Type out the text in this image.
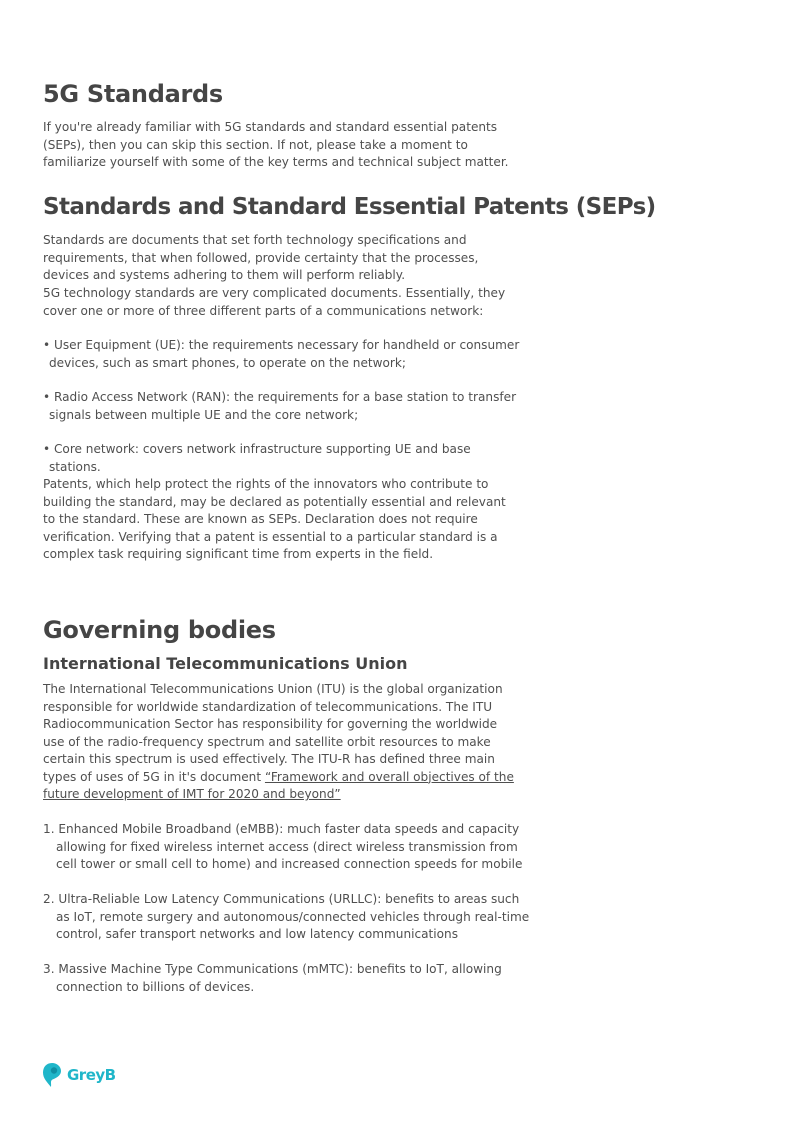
5G Standards

If you're already familiar with 5G standards and standard essential patents (SEPs), then you can skip this section. If not, please take a moment to familiarize yourself with some of the key terms and technical subject matter.

Standards and Standard Essential Patents (SEPs)

Standards are documents that set forth technology specifications and requirements, that when followed, provide certainty that the processes, devices and systems adhering to them will perform reliably.

5G technology standards are very complicated documents. Essentially, they cover one or more of three different parts of a communications network:

• User Equipment (UE): the requirements necessary for handheld or consumer devices, such as smart phones, to operate on the network;

• Radio Access Network (RAN): the requirements for a base station to transfer signals between multiple UE and the core network;

• Core network: covers network infrastructure supporting UE and base stations.

Patents, which help protect the rights of the innovators who contribute to building the standard, may be declared as potentially essential and relevant to the standard. These are known as SEPs. Declaration does not require verification. Verifying that a patent is essential to a particular standard is a complex task requiring significant time from experts in the field.

Governing bodies
International Telecommunications Union

The International Telecommunications Union (ITU) is the global organization responsible for worldwide standardization of telecommunications. The ITU Radiocommunication Sector has responsibility for governing the worldwide use of the radio-frequency spectrum and satellite orbit resources to make certain this spectrum is used effectively. The ITU-R has defined three main types of uses of 5G in it's document “Framework and overall objectives of the future development of IMT for 2020 and beyond”

1. Enhanced Mobile Broadband (eMBB): much faster data speeds and capacity allowing for fixed wireless internet access (direct wireless transmission from cell tower or small cell to home) and increased connection speeds for mobile

2. Ultra-Reliable Low Latency Communications (URLLC): benefits to areas such as IoT, remote surgery and autonomous/connected vehicles through real-time control, safer transport networks and low latency communications

3. Massive Machine Type Communications (mMTC): benefits to IoT, allowing connection to billions of devices.

GreyB
